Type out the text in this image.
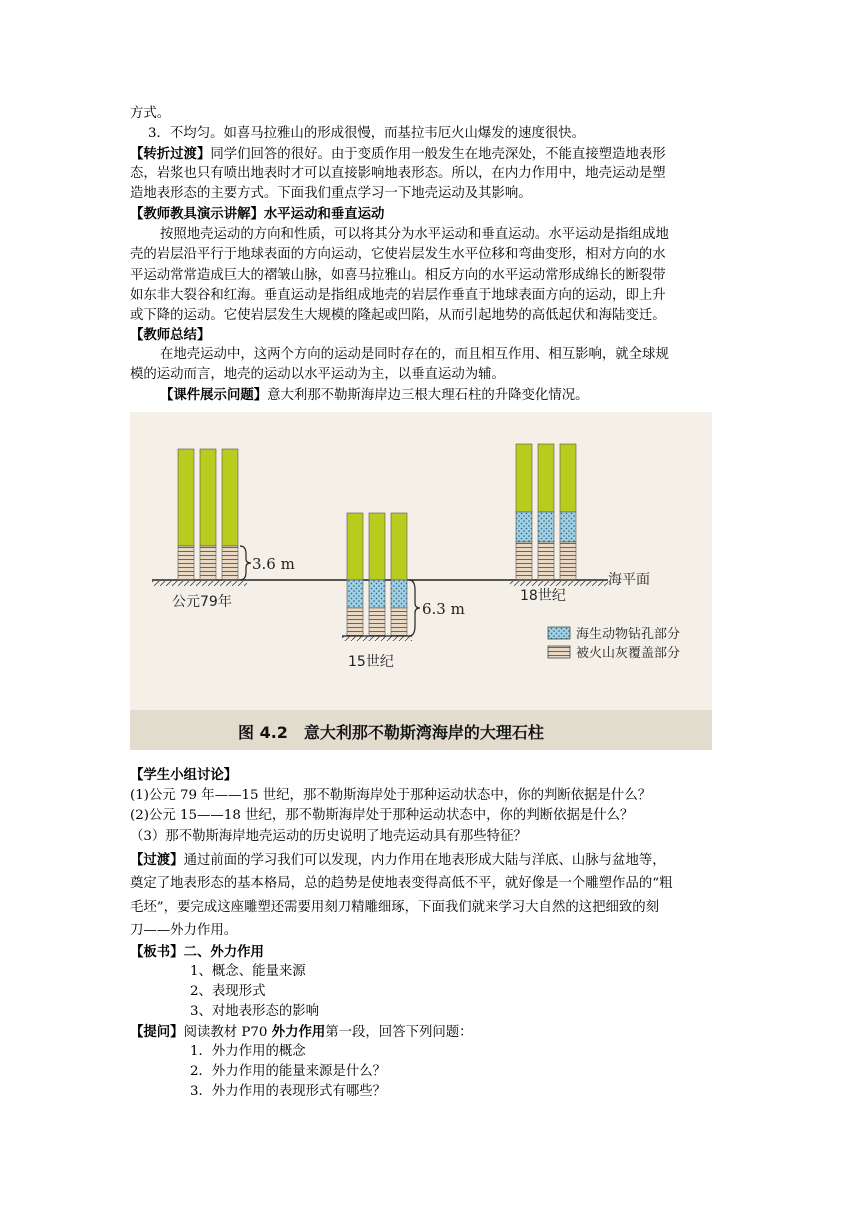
方式。
3．不均匀。如喜马拉雅山的形成很慢，而基拉韦厄火山爆发的速度很快。
【转折过渡】同学们回答的很好。由于变质作用一般发生在地壳深处，不能直接塑造地表形
态，岩浆也只有喷出地表时才可以直接影响地表形态。所以，在内力作用中，地壳运动是塑
造地表形态的主要方式。下面我们重点学习一下地壳运动及其影响。
【教师教具演示讲解】水平运动和垂直运动
按照地壳运动的方向和性质，可以将其分为水平运动和垂直运动。水平运动是指组成地
壳的岩层沿平行于地球表面的方向运动，它使岩层发生水平位移和弯曲变形，相对方向的水
平运动常常造成巨大的褶皱山脉，如喜马拉雅山。相反方向的水平运动常形成绵长的断裂带
如东非大裂谷和红海。垂直运动是指组成地壳的岩层作垂直于地球表面方向的运动，即上升
或下降的运动。它使岩层发生大规模的隆起或凹陷，从而引起地势的高低起伏和海陆变迁。
【教师总结】
在地壳运动中，这两个方向的运动是同时存在的，而且相互作用、相互影响，就全球规
模的运动而言，地壳的运动以水平运动为主，以垂直运动为辅。
【课件展示问题】意大利那不勒斯海岸边三根大理石柱的升降变化情况。
3.6 m
公元79年	6.3 m
15世纪
18世纪
海平面
海生动物钻孔部分
被火山灰覆盖部分
图 4.2　意大利那不勒斯湾海岸的大理石柱
【学生小组讨论】
(1)公元 79 年——15 世纪，那不勒斯海岸处于那种运动状态中，你的判断依据是什么？
(2)公元 15——18 世纪，那不勒斯海岸处于那种运动状态中，你的判断依据是什么？
（3）那不勒斯海岸地壳运动的历史说明了地壳运动具有那些特征？
【过渡】通过前面的学习我们可以发现，内力作用在地表形成大陆与洋底、山脉与盆地等，
奠定了地表形态的基本格局，总的趋势是使地表变得高低不平，就好像是一个雕塑作品的“粗
毛坯”，要完成这座雕塑还需要用刻刀精雕细琢，下面我们就来学习大自然的这把细致的刻
刀——外力作用。
【板书】二、外力作用
1、概念、能量来源
2、表现形式
3、对地表形态的影响
【提问】阅读教材 P70 外力作用第一段，回答下列问题：
1．外力作用的概念
2．外力作用的能量来源是什么？
3．外力作用的表现形式有哪些？
